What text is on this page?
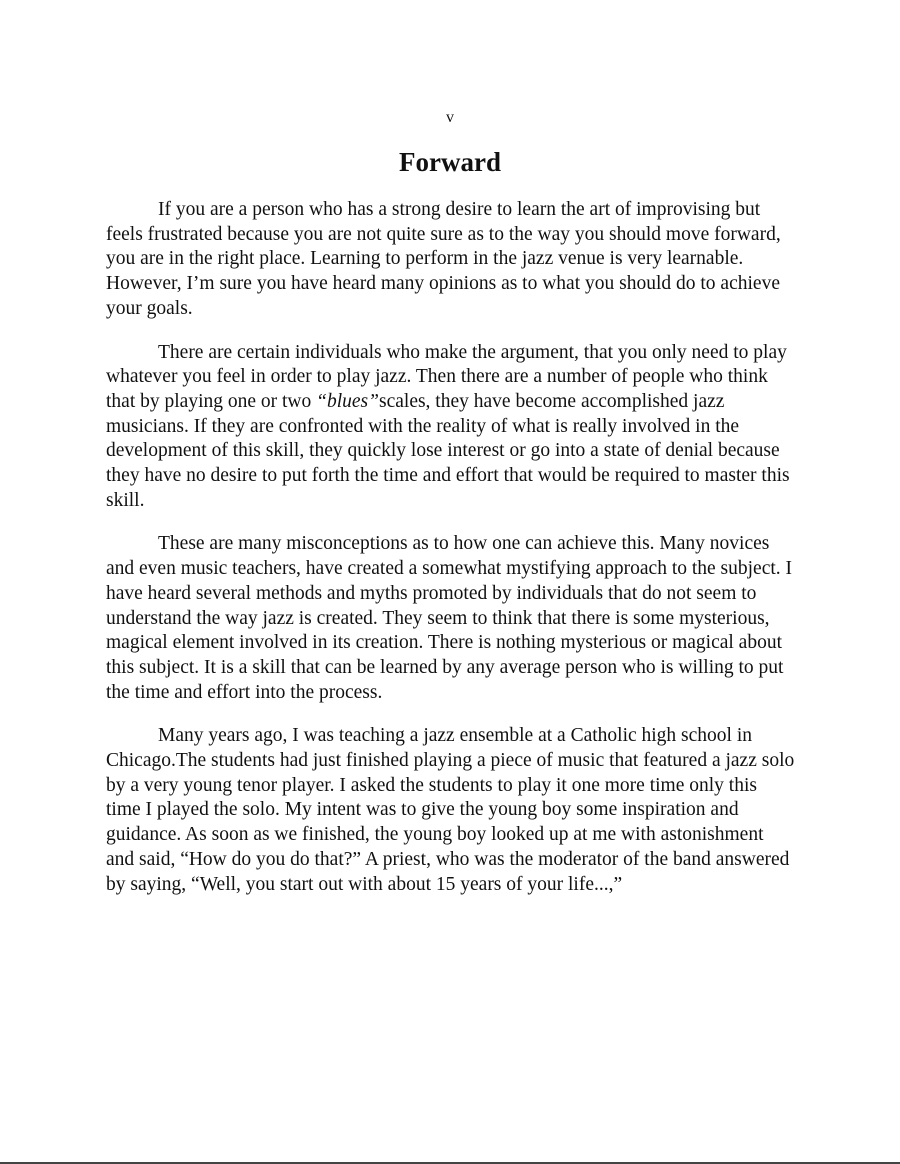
v
Forward

If you are a person who has a strong desire to learn the art of improvising but feels frustrated because you are not quite sure as to the way you should move forward, you are in the right place. Learning to perform in the jazz venue is very learnable. However, I’m sure you have heard many opinions as to what you should do to achieve your goals.

There are certain individuals who make the argument, that you only need to play whatever you feel in order to play jazz. Then there are a number of people who think that by playing one or two “blues”scales, they have become accomplished jazz musicians. If they are confronted with the reality of what is really involved in the development of this skill, they quickly lose interest or go into a state of denial because they have no desire to put forth the time and effort that would be required to master this skill.

These are many misconceptions as to how one can achieve this. Many novices and even music teachers, have created a somewhat mystifying approach to the subject. I have heard several methods and myths promoted by individuals that do not seem to understand the way jazz is created. They seem to think that there is some mysterious, magical element involved in its creation. There is nothing mysterious or magical about this subject. It is a skill that can be learned by any average person who is willing to put the time and effort into the process.

Many years ago, I was teaching a jazz ensemble at a Catholic high school in Chicago.The students had just finished playing a piece of music that featured a jazz solo by a very young tenor player. I asked the students to play it one more time only this time I played the solo. My intent was to give the young boy some inspiration and guidance. As soon as we finished, the young boy looked up at me with astonishment and said, “How do you do that?” A priest, who was the moderator of the band answered by saying, “Well, you start out with about 15 years of your life...,”
